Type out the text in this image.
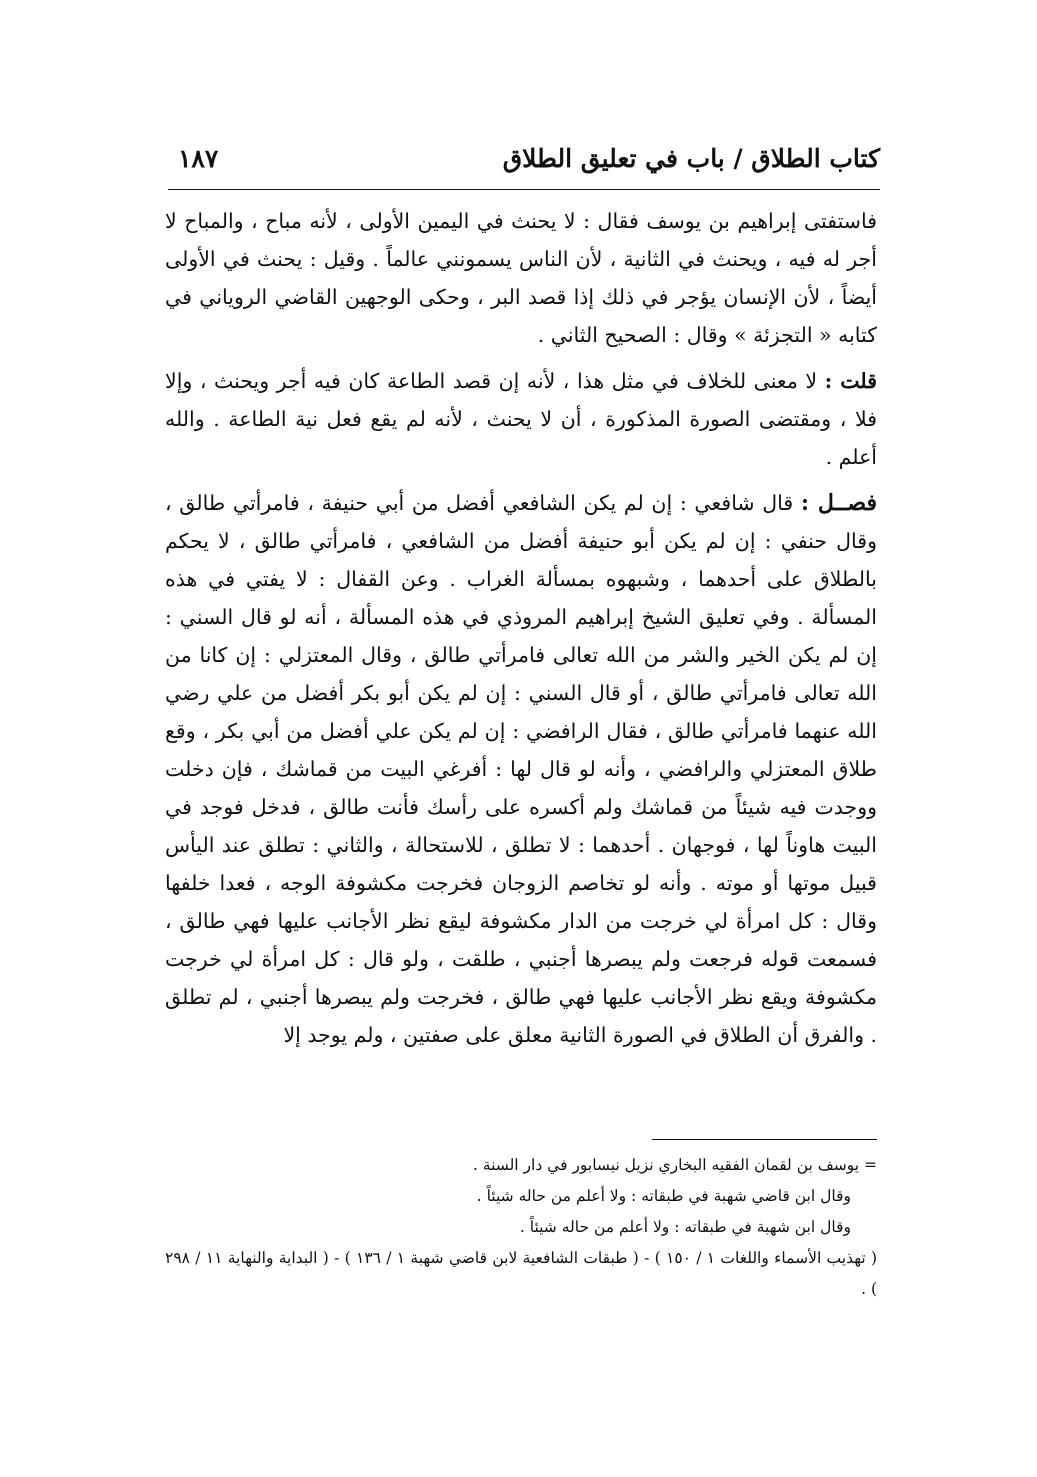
كتاب الطلاق / باب في تعليق الطلاق
١٨٧

فاستفتى إبراهيم بن يوسف فقال : لا يحنث في اليمين الأولى ، لأنه مباح ، والمباح لا أجر له فيه ، ويحنث في الثانية ، لأن الناس يسمونني عالماً . وقيل : يحنث في الأولى أيضاً ، لأن الإنسان يؤجر في ذلك إذا قصد البر ، وحكى الوجهين القاضي الروياني في كتابه « التجزئة » وقال : الصحيح الثاني .

قلت : لا معنى للخلاف في مثل هذا ، لأنه إن قصد الطاعة كان فيه أجر ويحنث ، وإلا فلا ، ومقتضى الصورة المذكورة ، أن لا يحنث ، لأنه لم يقع فعل نية الطاعة . والله أعلم .

فصــل : قال شافعي : إن لم يكن الشافعي أفضل من أبي حنيفة ، فامرأتي طالق ، وقال حنفي : إن لم يكن أبو حنيفة أفضل من الشافعي ، فامرأتي طالق ، لا يحكم بالطلاق على أحدهما ، وشبهوه بمسألة الغراب . وعن القفال : لا يفتي في هذه المسألة . وفي تعليق الشيخ إبراهيم المروذي في هذه المسألة ، أنه لو قال السني : إن لم يكن الخير والشر من الله تعالى فامرأتي طالق ، وقال المعتزلي : إن كانا من الله تعالى فامرأتي طالق ، أو قال السني : إن لم يكن أبو بكر أفضل من علي رضي الله عنهما فامرأتي طالق ، فقال الرافضي : إن لم يكن علي أفضل من أبي بكر ، وقع طلاق المعتزلي والرافضي ، وأنه لو قال لها : أفرغي البيت من قماشك ، فإن دخلت ووجدت فيه شيئاً من قماشك ولم أكسره على رأسك فأنت طالق ، فدخل فوجد في البيت هاوناً لها ، فوجهان . أحدهما : لا تطلق ، للاستحالة ، والثاني : تطلق عند اليأس قبيل موتها أو موته . وأنه لو تخاصم الزوجان فخرجت مكشوفة الوجه ، فعدا خلفها وقال : كل امرأة لي خرجت من الدار مكشوفة ليقع نظر الأجانب عليها فهي طالق ، فسمعت قوله فرجعت ولم يبصرها أجنبي ، طلقت ، ولو قال : كل امرأة لي خرجت مكشوفة ويقع نظر الأجانب عليها فهي طالق ، فخرجت ولم يبصرها أجنبي ، لم تطلق . والفرق أن الطلاق في الصورة الثانية معلق على صفتين ، ولم يوجد إلا

= يوسف بن لقمان الفقيه البخاري نزيل نيسابور في دار السنة .

وقال ابن قاضي شهبة في طبقاته : ولا أعلم من حاله شيئاً .

وقال ابن شهبة في طبقاته : ولا أعلم من حاله شيئاً .

( تهذيب الأسماء واللغات ١ / ١٥٠ ) - ( طبقات الشافعية لابن قاضي شهبة ١ / ١٣٦ ) - ( البداية والنهاية ١١ / ٢٩٨ ) .
